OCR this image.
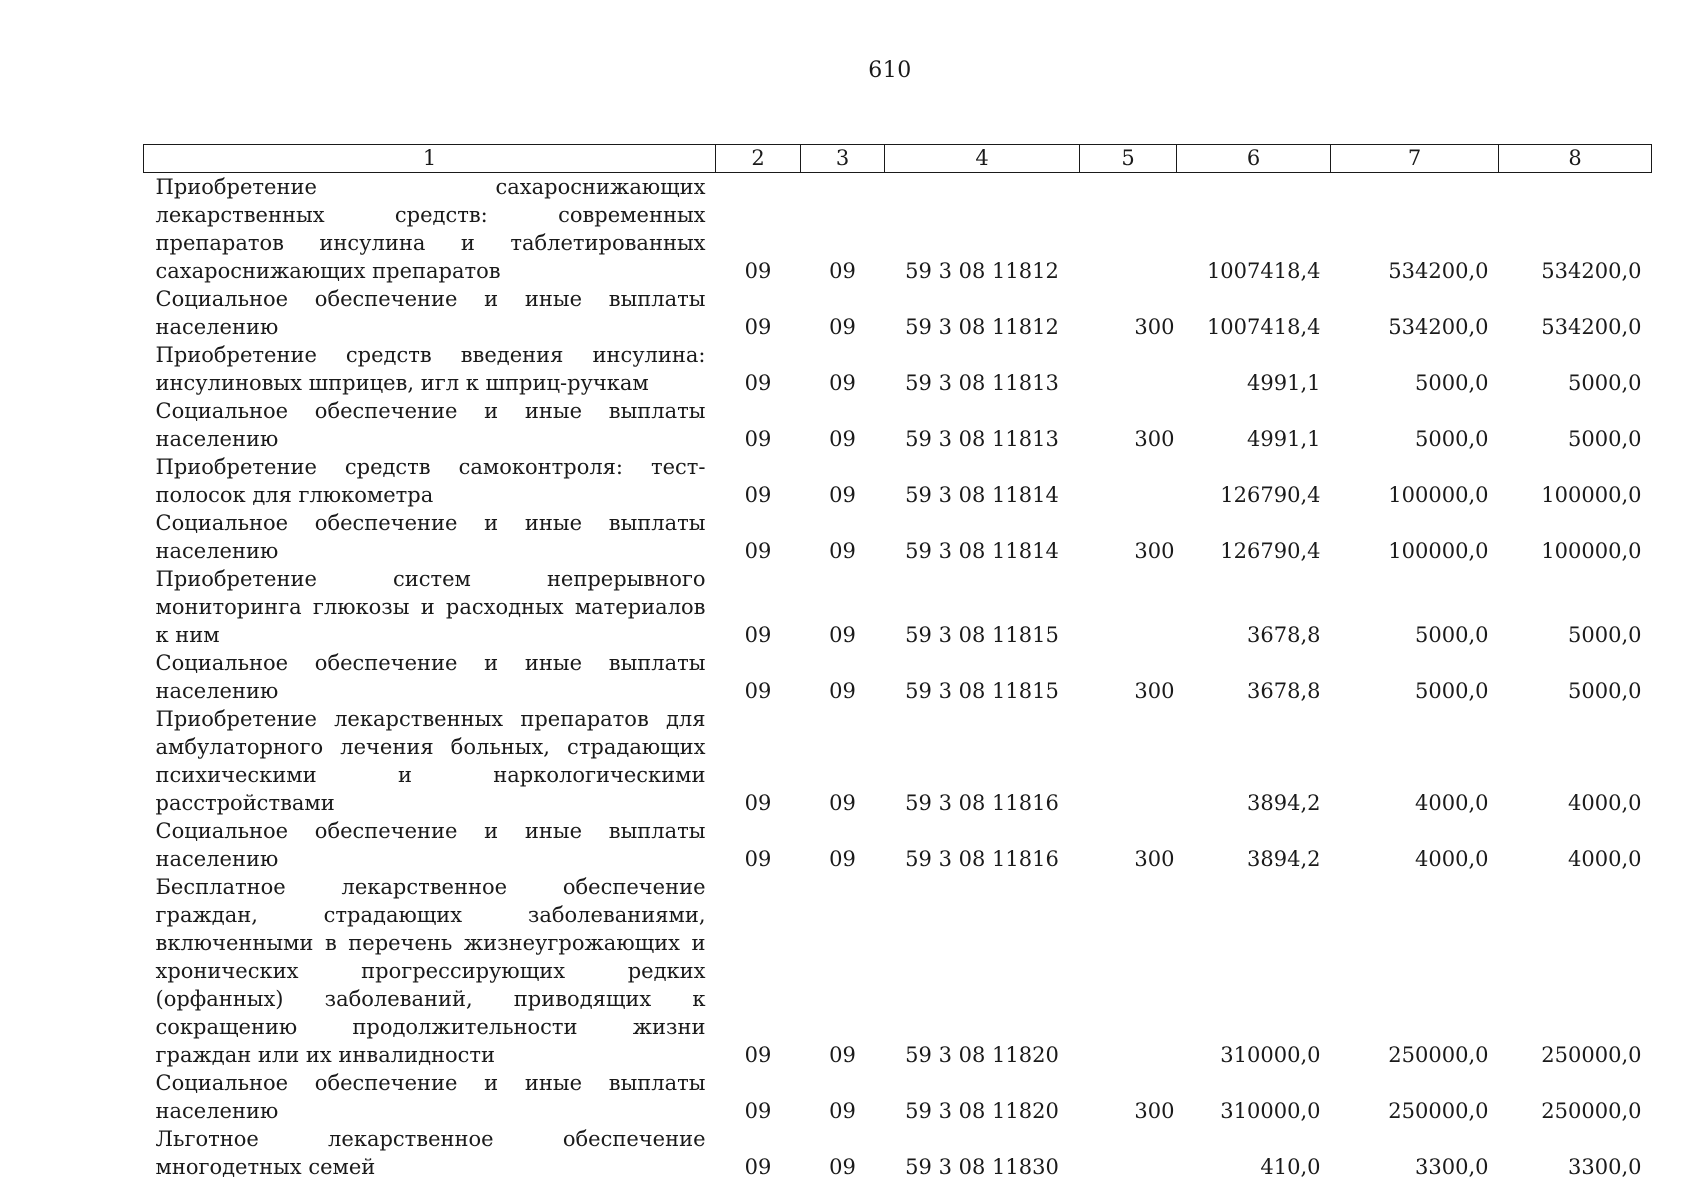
610
1	2	3	4	5	6	7	8
Приобретение сахароснижающих лекарственных средств: современных препаратов инсулина и таблетированных сахароснижающих препаратов	09	09	59 3 08 11812		1007418,4	534200,0	534200,0
Социальное обеспечение и иные выплаты населению	09	09	59 3 08 11812	300	1007418,4	534200,0	534200,0
Приобретение средств введения инсулина: инсулиновых шприцев, игл к шприц-ручкам	09	09	59 3 08 11813		4991,1	5000,0	5000,0
Социальное обеспечение и иные выплаты населению	09	09	59 3 08 11813	300	4991,1	5000,0	5000,0
Приобретение средств самоконтроля: тест-полосок для глюкометра	09	09	59 3 08 11814		126790,4	100000,0	100000,0
Социальное обеспечение и иные выплаты населению	09	09	59 3 08 11814	300	126790,4	100000,0	100000,0
Приобретение систем непрерывного мониторинга глюкозы и расходных материалов к ним	09	09	59 3 08 11815		3678,8	5000,0	5000,0
Социальное обеспечение и иные выплаты населению	09	09	59 3 08 11815	300	3678,8	5000,0	5000,0
Приобретение лекарственных препаратов для амбулаторного лечения больных, страдающих психическими и наркологическими расстройствами	09	09	59 3 08 11816		3894,2	4000,0	4000,0
Социальное обеспечение и иные выплаты населению	09	09	59 3 08 11816	300	3894,2	4000,0	4000,0
Бесплатное лекарственное обеспечение граждан, страдающих заболеваниями, включенными в перечень жизнеугрожающих и хронических прогрессирующих редких (орфанных) заболеваний, приводящих к сокращению продолжительности жизни граждан или их инвалидности	09	09	59 3 08 11820		310000,0	250000,0	250000,0
Социальное обеспечение и иные выплаты населению	09	09	59 3 08 11820	300	310000,0	250000,0	250000,0
Льготное лекарственное обеспечение многодетных семей	09	09	59 3 08 11830		410,0	3300,0	3300,0
